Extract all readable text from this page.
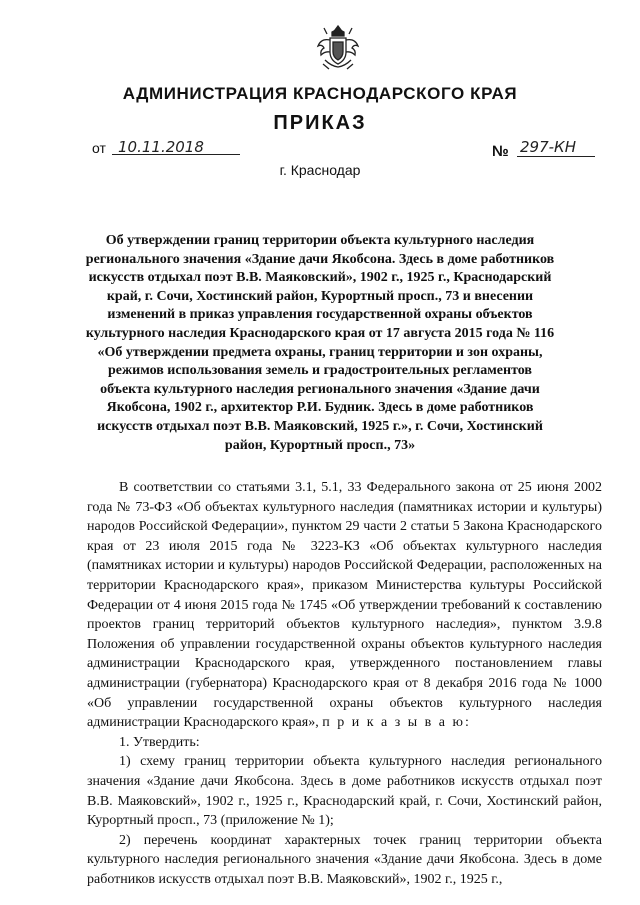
АДМИНИСТРАЦИЯ КРАСНОДАРСКОГО КРАЯ
ПРИКАЗ
от 10.11.2018	№ 297-КН
г. Краснодар
Об утверждении границ территории объекта культурного наследия регионального значения «Здание дачи Якобсона. Здесь в доме работников искусств отдыхал поэт В.В. Маяковский», 1902 г., 1925 г., Краснодарский край, г. Сочи, Хостинский район, Курортный просп., 73 и внесении изменений в приказ управления государственной охраны объектов культурного наследия Краснодарского края от 17 августа 2015 года № 116 «Об утверждении предмета охраны, границ территории и зон охраны, режимов использования земель и градостроительных регламентов объекта культурного наследия регионального значения «Здание дачи Якобсона, 1902 г., архитектор Р.И. Будник. Здесь в доме работников искусств отдыхал поэт В.В. Маяковский, 1925 г.», г. Сочи, Хостинский район, Курортный просп., 73»

В соответствии со статьями 3.1, 5.1, 33 Федерального закона от 25 июня 2002 года № 73-ФЗ «Об объектах культурного наследия (памятниках истории и культуры) народов Российской Федерации», пунктом 29 части 2 статьи 5 Закона Краснодарского края от 23 июля 2015 года № 3223-КЗ «Об объектах культурного наследия (памятниках истории и культуры) народов Российской Федерации, расположенных на территории Краснодарского края», приказом Министерства культуры Российской Федерации от 4 июня 2015 года № 1745 «Об утверждении требований к составлению проектов границ территорий объектов культурного наследия», пунктом 3.9.8 Положения об управлении государственной охраны объектов культурного наследия администрации Краснодарского края, утвержденного постановлением главы администрации (губернатора) Краснодарского края от 8 декабря 2016 года № 1000 «Об управлении государственной охраны объектов культурного наследия администрации Краснодарского края», п р и к а з ы в а ю:

1. Утвердить:

1) схему границ территории объекта культурного наследия регионального значения «Здание дачи Якобсона. Здесь в доме работников искусств отдыхал поэт В.В. Маяковский», 1902 г., 1925 г., Краснодарский край, г. Сочи, Хостинский район, Курортный просп., 73 (приложение № 1);

2) перечень координат характерных точек границ территории объекта культурного наследия регионального значения «Здание дачи Якобсона. Здесь в доме работников искусств отдыхал поэт В.В. Маяковский», 1902 г., 1925 г.,
